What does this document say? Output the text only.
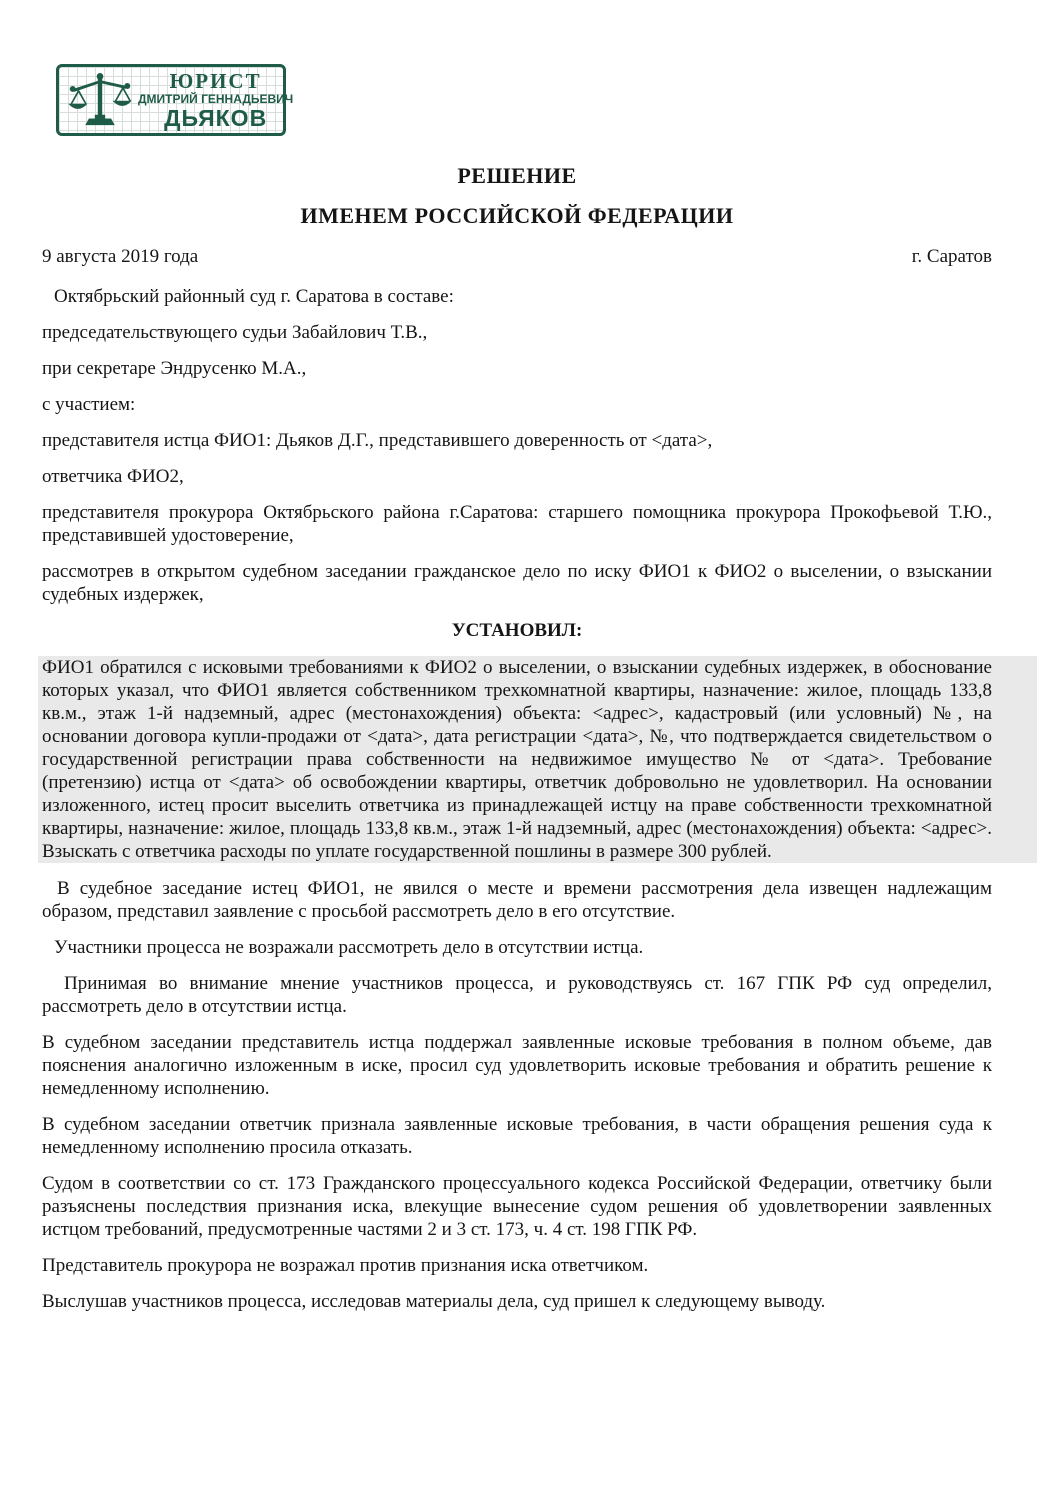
ЮРИСТ
ДМИТРИЙ ГЕННАДЬЕВИЧ
ДЬЯКОВ
РЕШЕНИЕ
ИМЕНЕМ РОССИЙСКОЙ ФЕДЕРАЦИИ
9 августа 2019 года	г. Саратов

Октябрьский районный суд г. Саратова в составе:

председательствующего судьи Забайлович Т.В.,

при секретаре Эндрусенко М.А.,

с участием:

представителя истца ФИО1: Дьяков Д.Г., представившего доверенность от <дата>,

ответчика ФИО2,

представителя прокурора Октябрьского района г.Саратова: старшего помощника прокурора Прокофьевой Т.Ю., представившей удостоверение,

рассмотрев в открытом судебном заседании гражданское дело по иску ФИО1 к ФИО2 о выселении, о взыскании судебных издержек,

УСТАНОВИЛ:

ФИО1 обратился с исковыми требованиями к ФИО2 о выселении, о взыскании судебных издержек, в обоснование которых указал, что ФИО1 является собственником трехкомнатной квартиры, назначение: жилое, площадь 133,8 кв.м., этаж 1-й надземный, адрес (местонахождения) объекта: <адрес>, кадастровый (или условный) №, на основании договора купли-продажи от <дата>, дата регистрации <дата>, №, что подтверждается свидетельством о государственной регистрации права собственности на недвижимое имущество № от <дата>. Требование (претензию) истца от <дата> об освобождении квартиры, ответчик добровольно не удовлетворил. На основании изложенного, истец просит выселить ответчика из принадлежащей истцу на праве собственности трехкомнатной квартиры, назначение: жилое, площадь 133,8 кв.м., этаж 1-й надземный, адрес (местонахождения) объекта: <адрес>. Взыскать с ответчика расходы по уплате государственной пошлины в размере 300 рублей.

В судебное заседание истец ФИО1, не явился о месте и времени рассмотрения дела извещен надлежащим образом, представил заявление с просьбой рассмотреть дело в его отсутствие.

Участники процесса не возражали рассмотреть дело в отсутствии истца.

Принимая во внимание мнение участников процесса, и руководствуясь ст. 167 ГПК РФ суд определил, рассмотреть дело в отсутствии истца.

В судебном заседании представитель истца поддержал заявленные исковые требования в полном объеме, дав пояснения аналогично изложенным в иске, просил суд удовлетворить исковые требования и обратить решение к немедленному исполнению.

В судебном заседании ответчик признала заявленные исковые требования, в части обращения решения суда к немедленному исполнению просила отказать.

Судом в соответствии со ст. 173 Гражданского процессуального кодекса Российской Федерации, ответчику были разъяснены последствия признания иска, влекущие вынесение судом решения об удовлетворении заявленных истцом требований, предусмотренные частями 2 и 3 ст. 173, ч. 4 ст. 198 ГПК РФ.

Представитель прокурора не возражал против признания иска ответчиком.

Выслушав участников процесса, исследовав материалы дела, суд пришел к следующему выводу.
